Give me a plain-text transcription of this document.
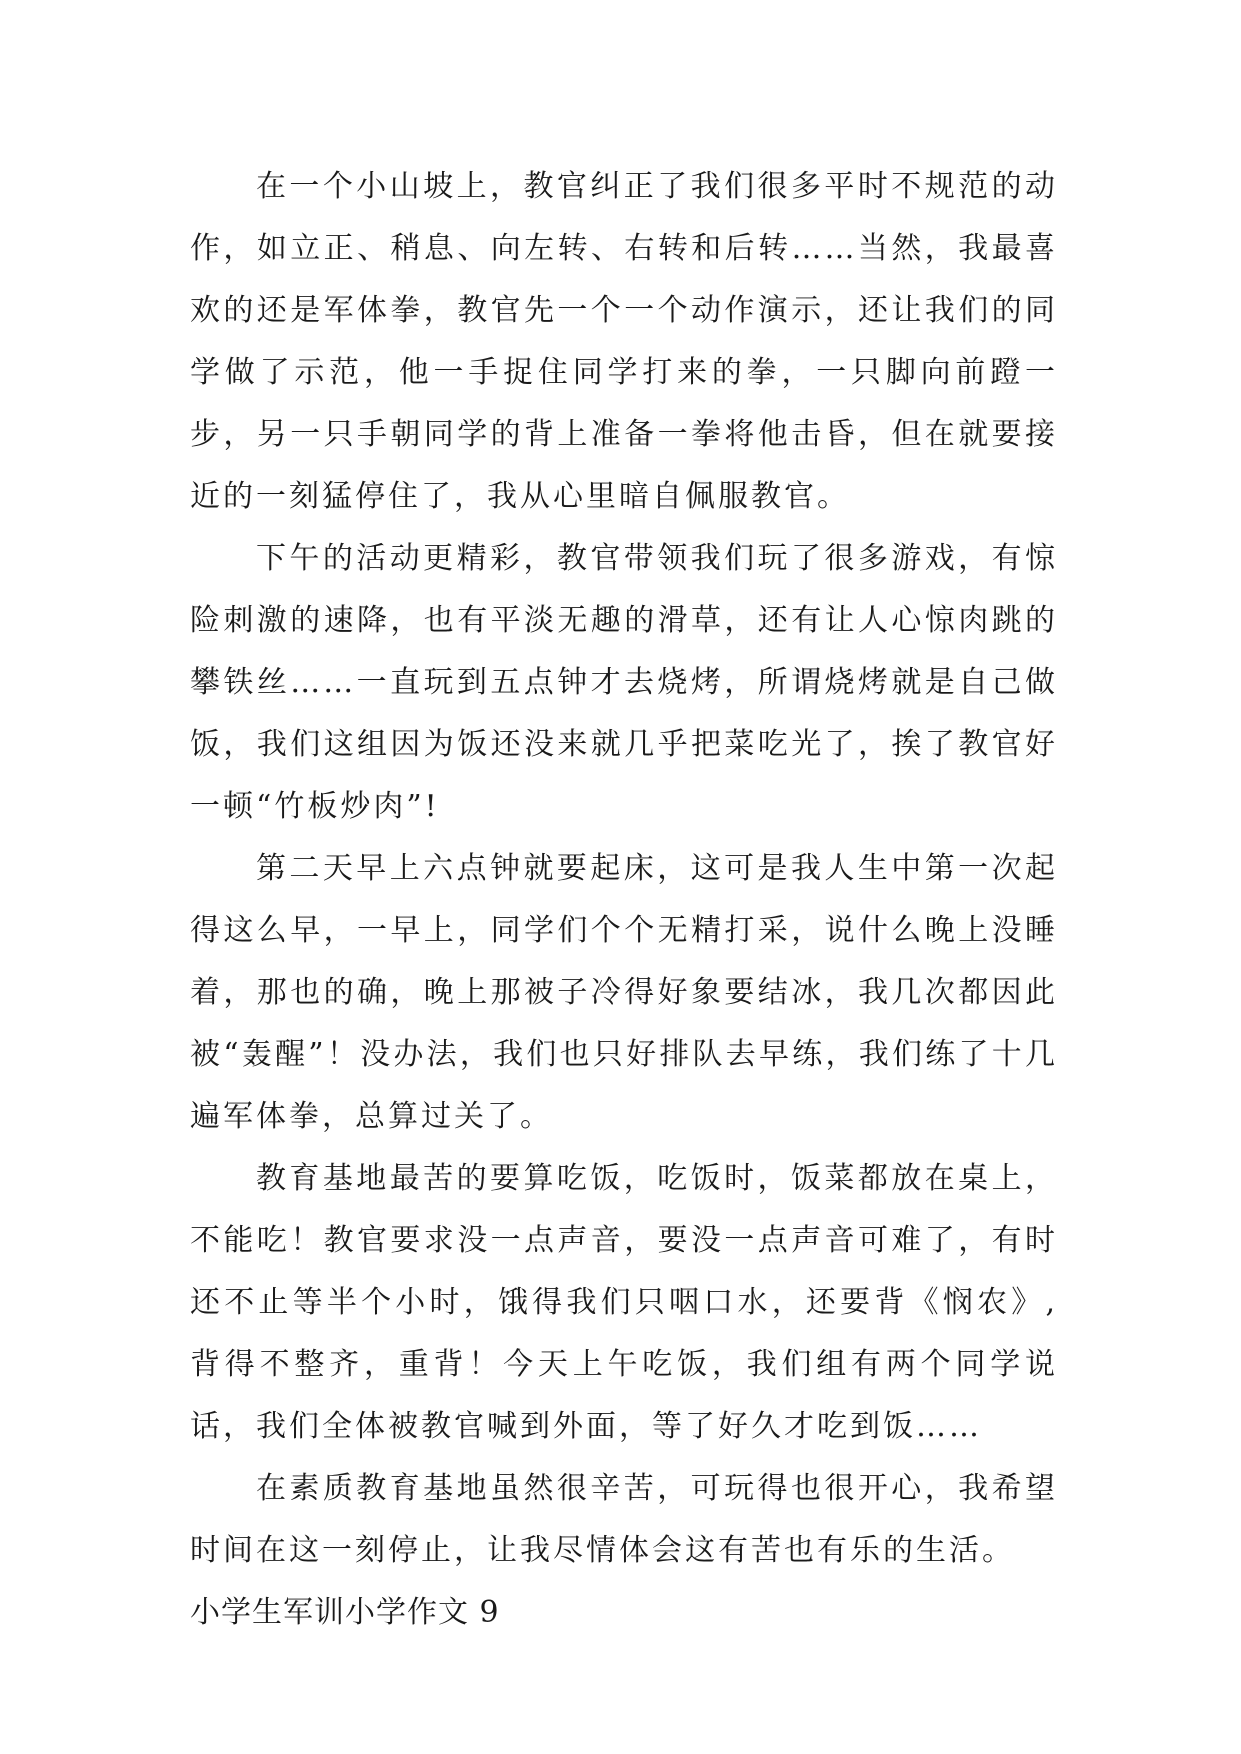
在一个小山坡上，教官纠正了我们很多平时不规范的动作，如立正、稍息、向左转、右转和后转……当然，我最喜欢的还是军体拳，教官先一个一个动作演示，还让我们的同学做了示范，他一手捉住同学打来的拳，一只脚向前蹬一步，另一只手朝同学的背上准备一拳将他击昏，但在就要接近的一刻猛停住了，我从心里暗自佩服教官。

下午的活动更精彩，教官带领我们玩了很多游戏，有惊险刺激的速降，也有平淡无趣的滑草，还有让人心惊肉跳的攀铁丝……一直玩到五点钟才去烧烤，所谓烧烤就是自己做饭，我们这组因为饭还没来就几乎把菜吃光了，挨了教官好一顿“竹板炒肉”!

第二天早上六点钟就要起床，这可是我人生中第一次起得这么早，一早上，同学们个个无精打采，说什么晚上没睡着，那也的确，晚上那被子冷得好象要结冰，我几次都因此被“轰醒”！没办法，我们也只好排队去早练，我们练了十几遍军体拳，总算过关了。

教育基地最苦的要算吃饭，吃饭时，饭菜都放在桌上，不能吃！教官要求没一点声音，要没一点声音可难了，有时还不止等半个小时，饿得我们只咽口水，还要背《悯农》,背得不整齐，重背！今天上午吃饭，我们组有两个同学说话，我们全体被教官喊到外面，等了好久才吃到饭……

在素质教育基地虽然很辛苦，可玩得也很开心，我希望时间在这一刻停止，让我尽情体会这有苦也有乐的生活。

小学生军训小学作文 9
